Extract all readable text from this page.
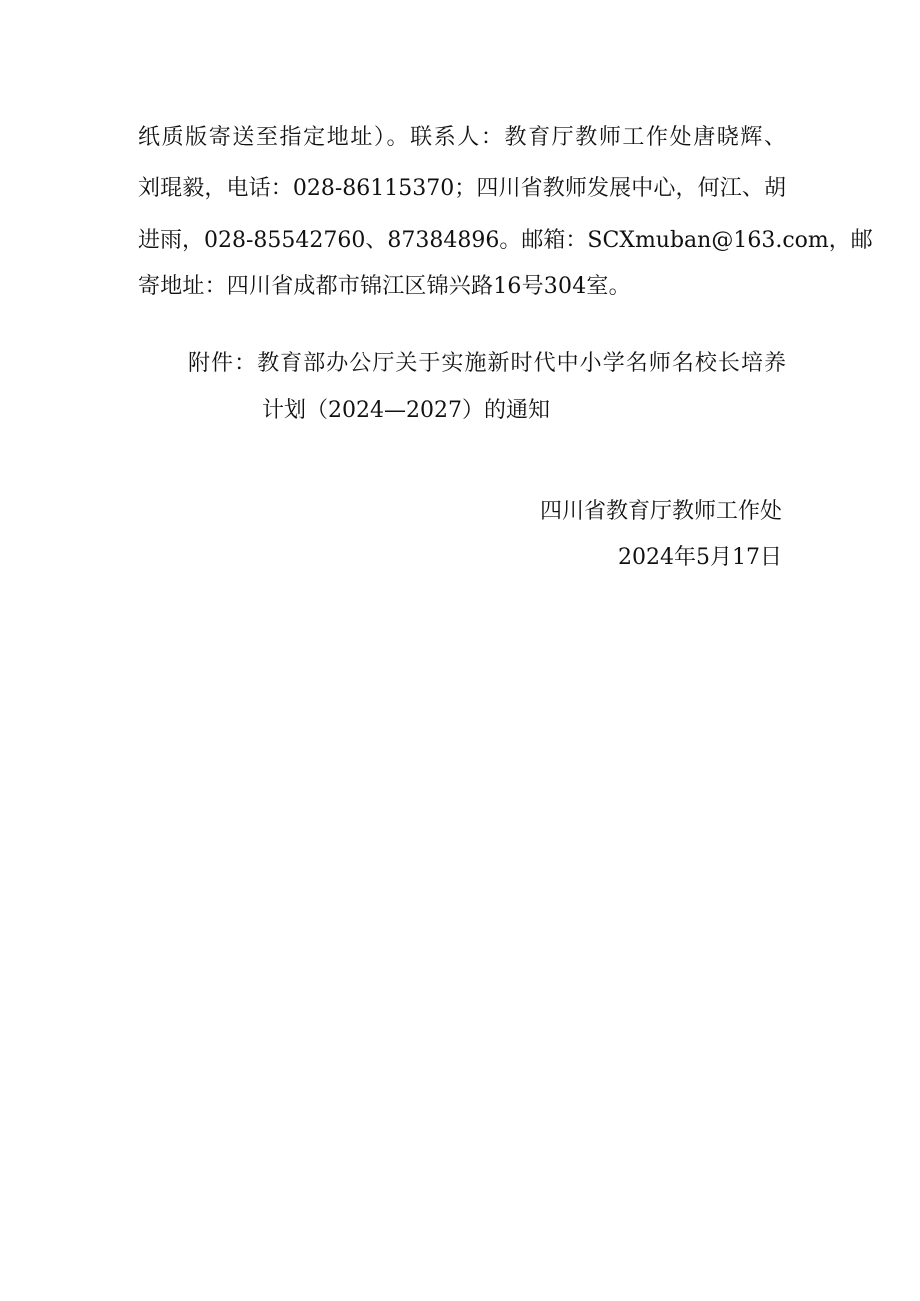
纸质版寄送至指定地址）。联系人：教育厅教师工作处唐晓辉、
刘琨毅，电话：028-86115370；四川省教师发展中心，何江、胡
进雨，028-85542760、87384896。邮箱：SCXmuban@163.com，邮
寄地址：四川省成都市锦江区锦兴路16号304室。
附件：教育部办公厅关于实施新时代中小学名师名校长培养
计划（2024—2027）的通知
四川省教育厅教师工作处
2024年5月17日
